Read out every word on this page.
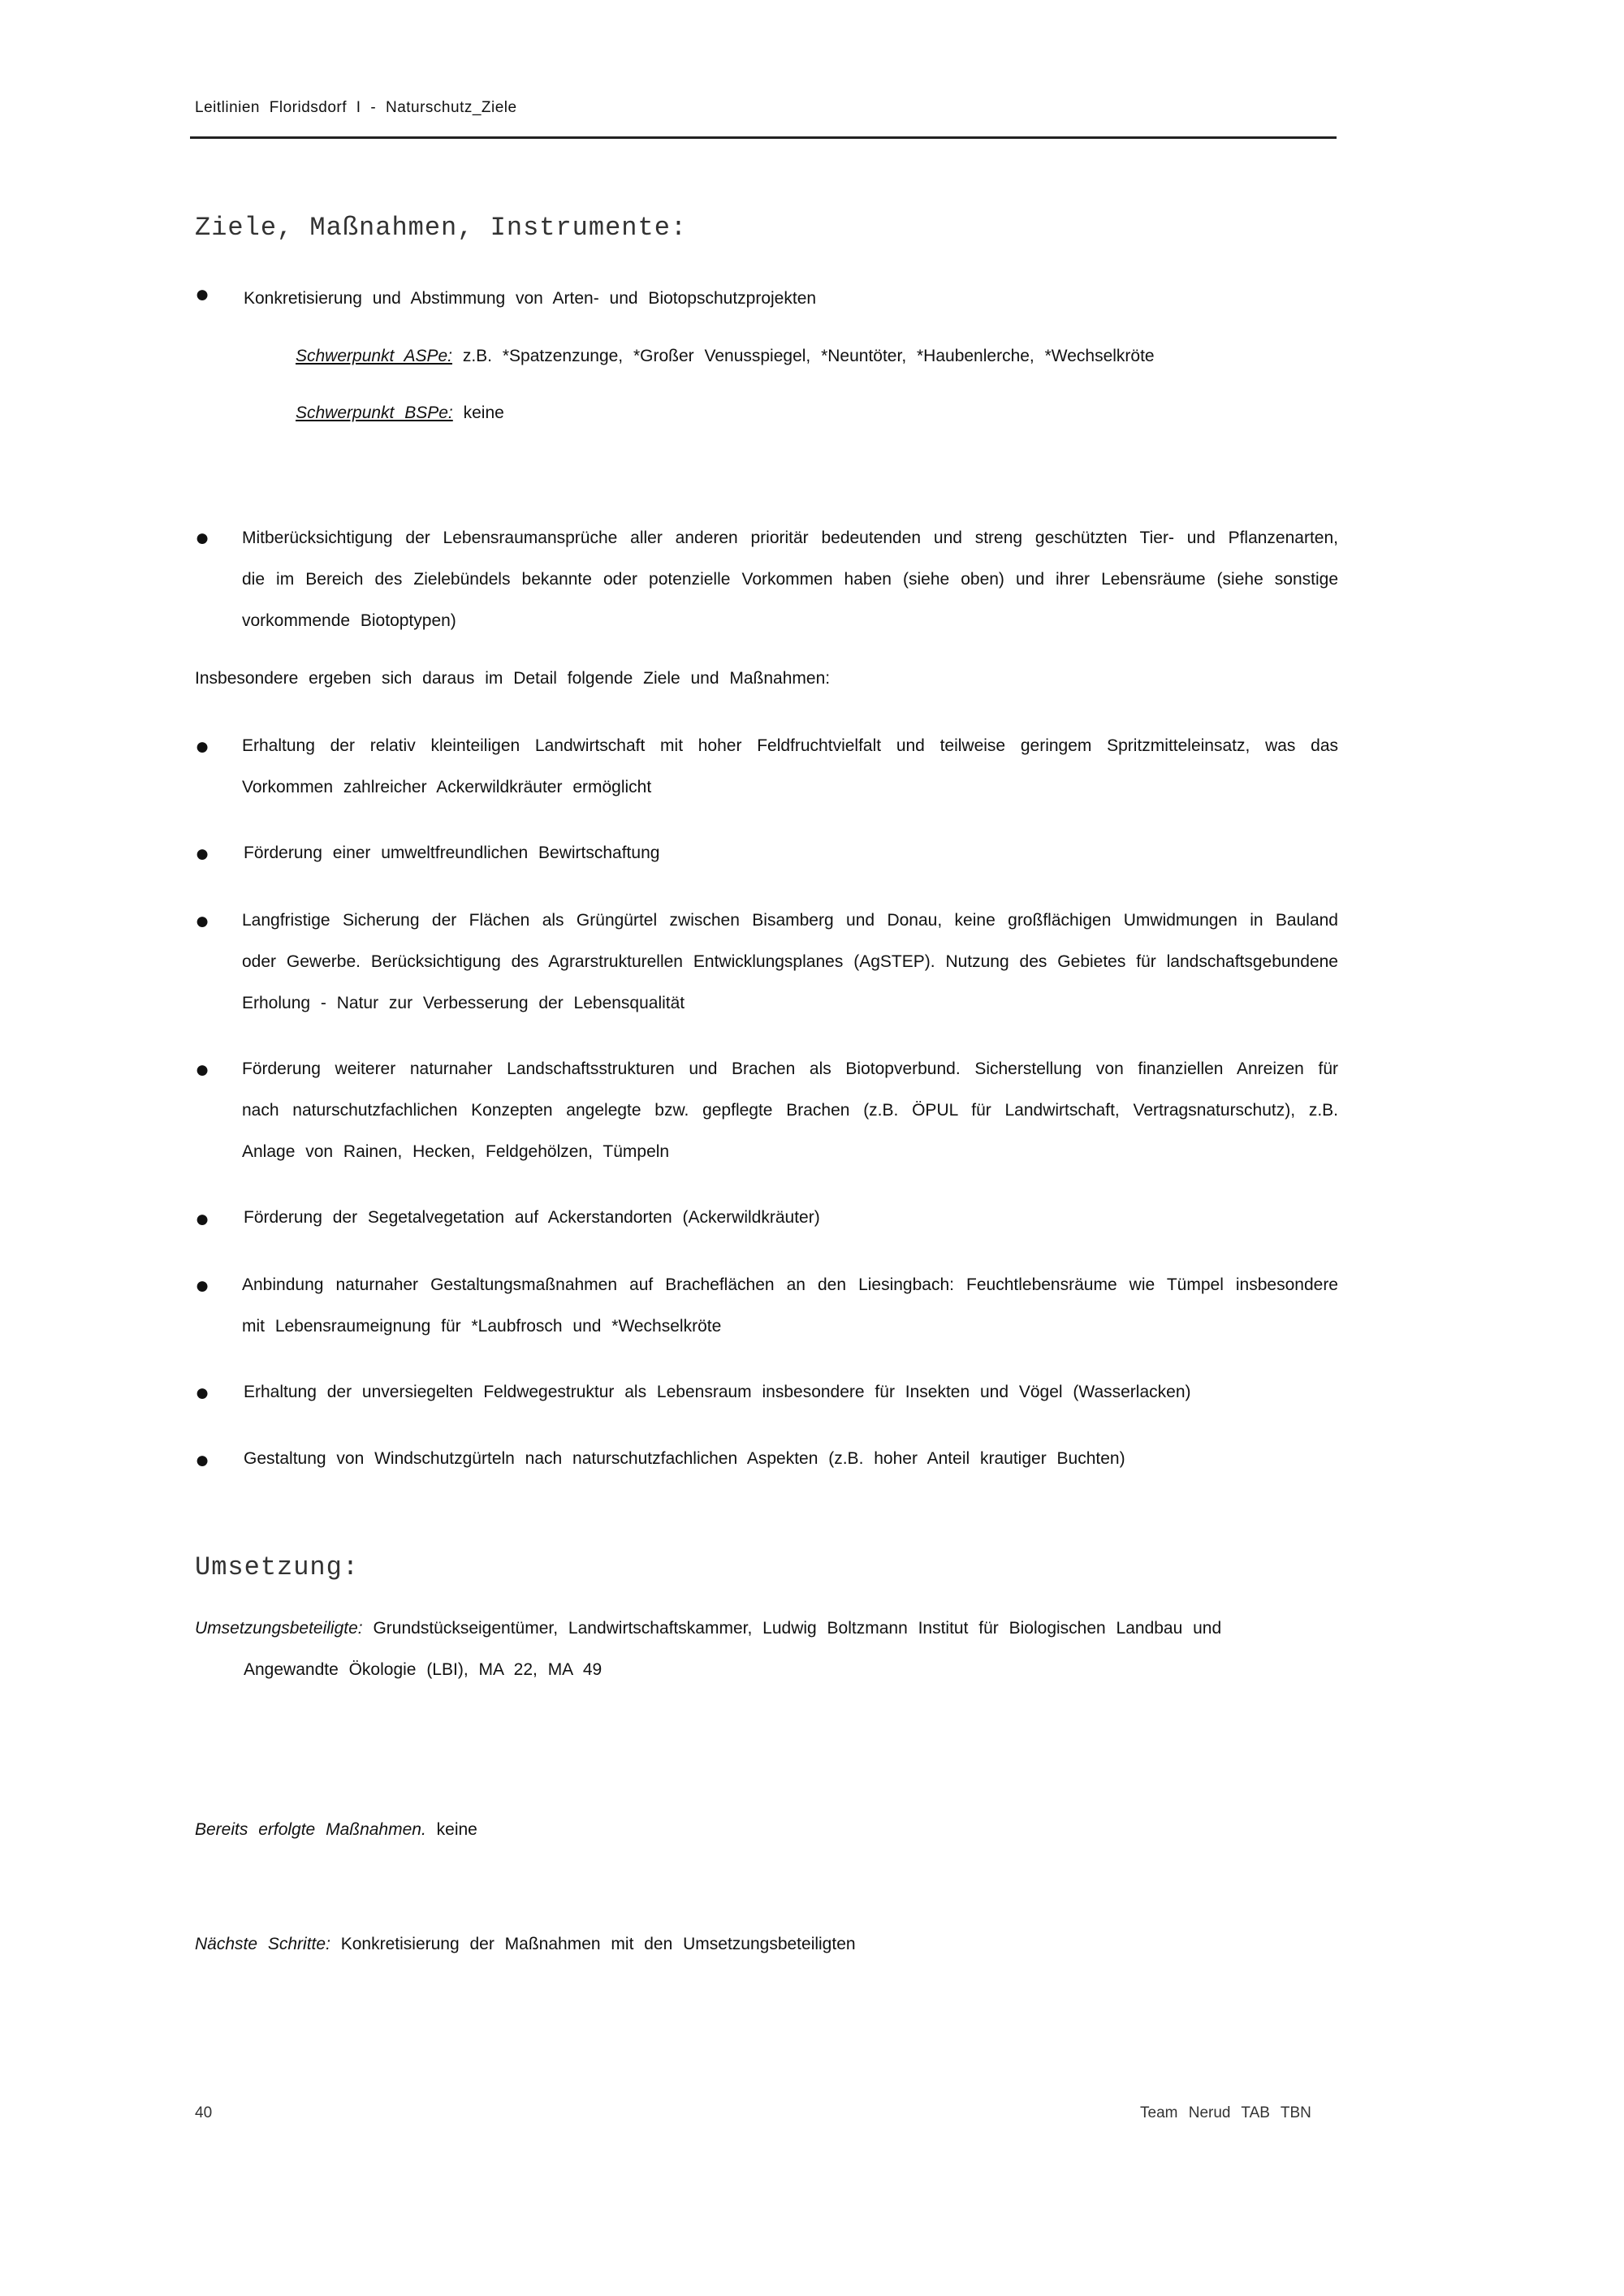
Leitlinien Floridsdorf I - Naturschutz_Ziele
Ziele, Maßnahmen, Instrumente:
● Konkretisierung und Abstimmung von Arten- und Biotopschutzprojekten
Schwerpunkt ASPe: z.B. *Spatzenzunge, *Großer Venusspiegel, *Neuntöter, *Haubenlerche, *Wechselkröte
Schwerpunkt BSPe: keine
● Mitberücksichtigung der Lebensraumansprüche aller anderen prioritär bedeutenden und streng geschützten Tier- und Pflanzenarten, die im Bereich des Zielebündels bekannte oder potenzielle Vorkommen haben (siehe oben) und ihrer Lebensräume (siehe sonstige vorkommende Biotoptypen)
Insbesondere ergeben sich daraus im Detail folgende Ziele und Maßnahmen:
● Erhaltung der relativ kleinteiligen Landwirtschaft mit hoher Feldfruchtvielfalt und teilweise geringem Spritzmitteleinsatz, was das Vorkommen zahlreicher Ackerwildkräuter ermöglicht
● Förderung einer umweltfreundlichen Bewirtschaftung
● Langfristige Sicherung der Flächen als Grüngürtel zwischen Bisamberg und Donau, keine großflächigen Umwidmungen in Bauland oder Gewerbe. Berücksichtigung des Agrarstrukturellen Entwicklungsplanes (AgSTEP). Nutzung des Gebietes für landschaftsgebundene Erholung - Natur zur Verbesserung der Lebensqualität
● Förderung weiterer naturnaher Landschaftsstrukturen und Brachen als Biotopverbund. Sicherstellung von finanziellen Anreizen für nach naturschutzfachlichen Konzepten angelegte bzw. gepflegte Brachen (z.B. ÖPUL für Landwirtschaft, Vertragsnaturschutz), z.B. Anlage von Rainen, Hecken, Feldgehölzen, Tümpeln
● Förderung der Segetalvegetation auf Ackerstandorten (Ackerwildkräuter)
● Anbindung naturnaher Gestaltungsmaßnahmen auf Bracheflächen an den Liesingbach: Feuchtlebensräume wie Tümpel insbesondere mit Lebensraumeignung für *Laubfrosch und *Wechselkröte
● Erhaltung der unversiegelten Feldwegestruktur als Lebensraum insbesondere für Insekten und Vögel (Wasserlacken)
● Gestaltung von Windschutzgürteln nach naturschutzfachlichen Aspekten (z.B. hoher Anteil krautiger Buchten)
Umsetzung:
Umsetzungsbeteiligte: Grundstückseigentümer, Landwirtschaftskammer, Ludwig Boltzmann Institut für Biologischen Landbau und
Angewandte Ökologie (LBI), MA 22, MA 49
Bereits erfolgte Maßnahmen. keine
Nächste Schritte: Konkretisierung der Maßnahmen mit den Umsetzungsbeteiligten
40	Team Nerud TAB TBN
